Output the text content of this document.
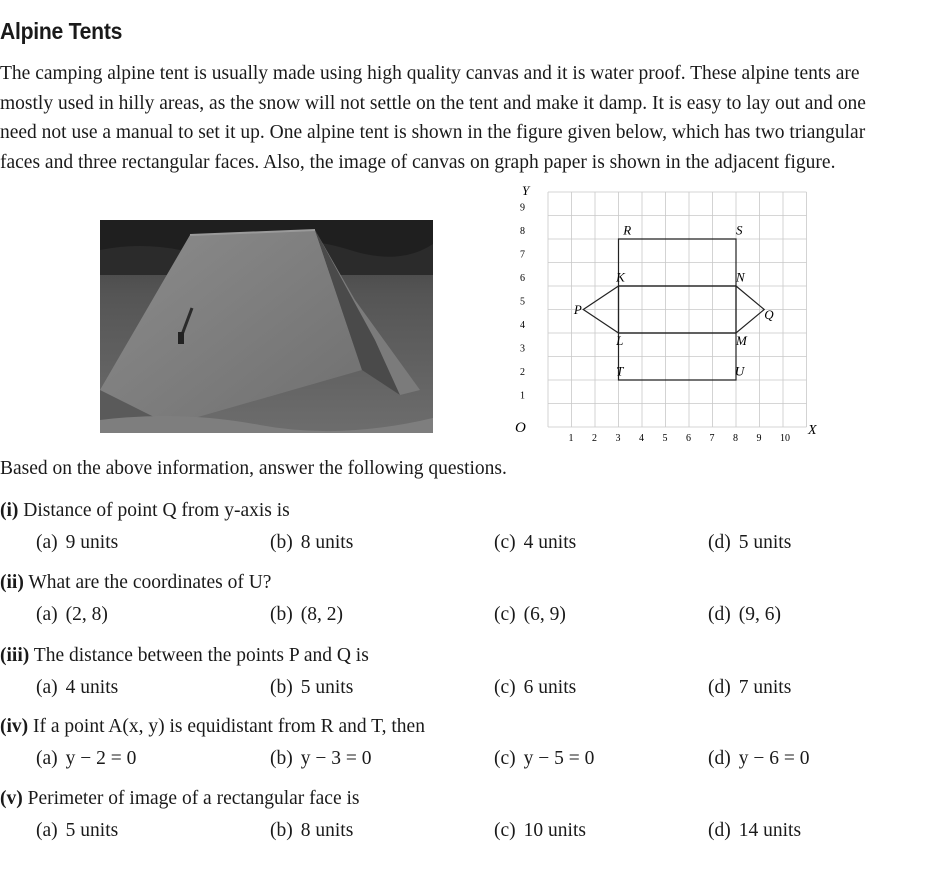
Alpine Tents
The camping alpine tent is usually made using high quality canvas and it is water proof. These alpine tents are
mostly used in hilly areas, as the snow will not settle on the tent and make it damp. It is easy to lay out and one
need not use a manual to set it up. One alpine tent is shown in the figure given below, which has two triangular
faces and three rectangular faces. Also, the image of canvas on graph paper is shown in the adjacent figure.
1 2 3 4 5 6 7 8 9 10
1
2
3
4
5
6
7
8
9
R	S
K	N
P	Q
L	M
T	U
Y
X
O
Based on the above information, answer the following questions.
(i) Distance of point Q from y-axis is
(a) 9 units	(b) 8 units	(c) 4 units	(d) 5 units
(ii) What are the coordinates of U?
(a) (2, 8)	(b) (8, 2)	(c) (6, 9)	(d) (9, 6)
(iii) The distance between the points P and Q is
(a) 4 units	(b) 5 units	(c) 6 units	(d) 7 units
(iv) If a point A(x, y) is equidistant from R and T, then
(a) y − 2 = 0	(b) y − 3 = 0	(c) y − 5 = 0	(d) y − 6 = 0
(v) Perimeter of image of a rectangular face is
(a) 5 units	(b) 8 units	(c) 10 units	(d) 14 units
